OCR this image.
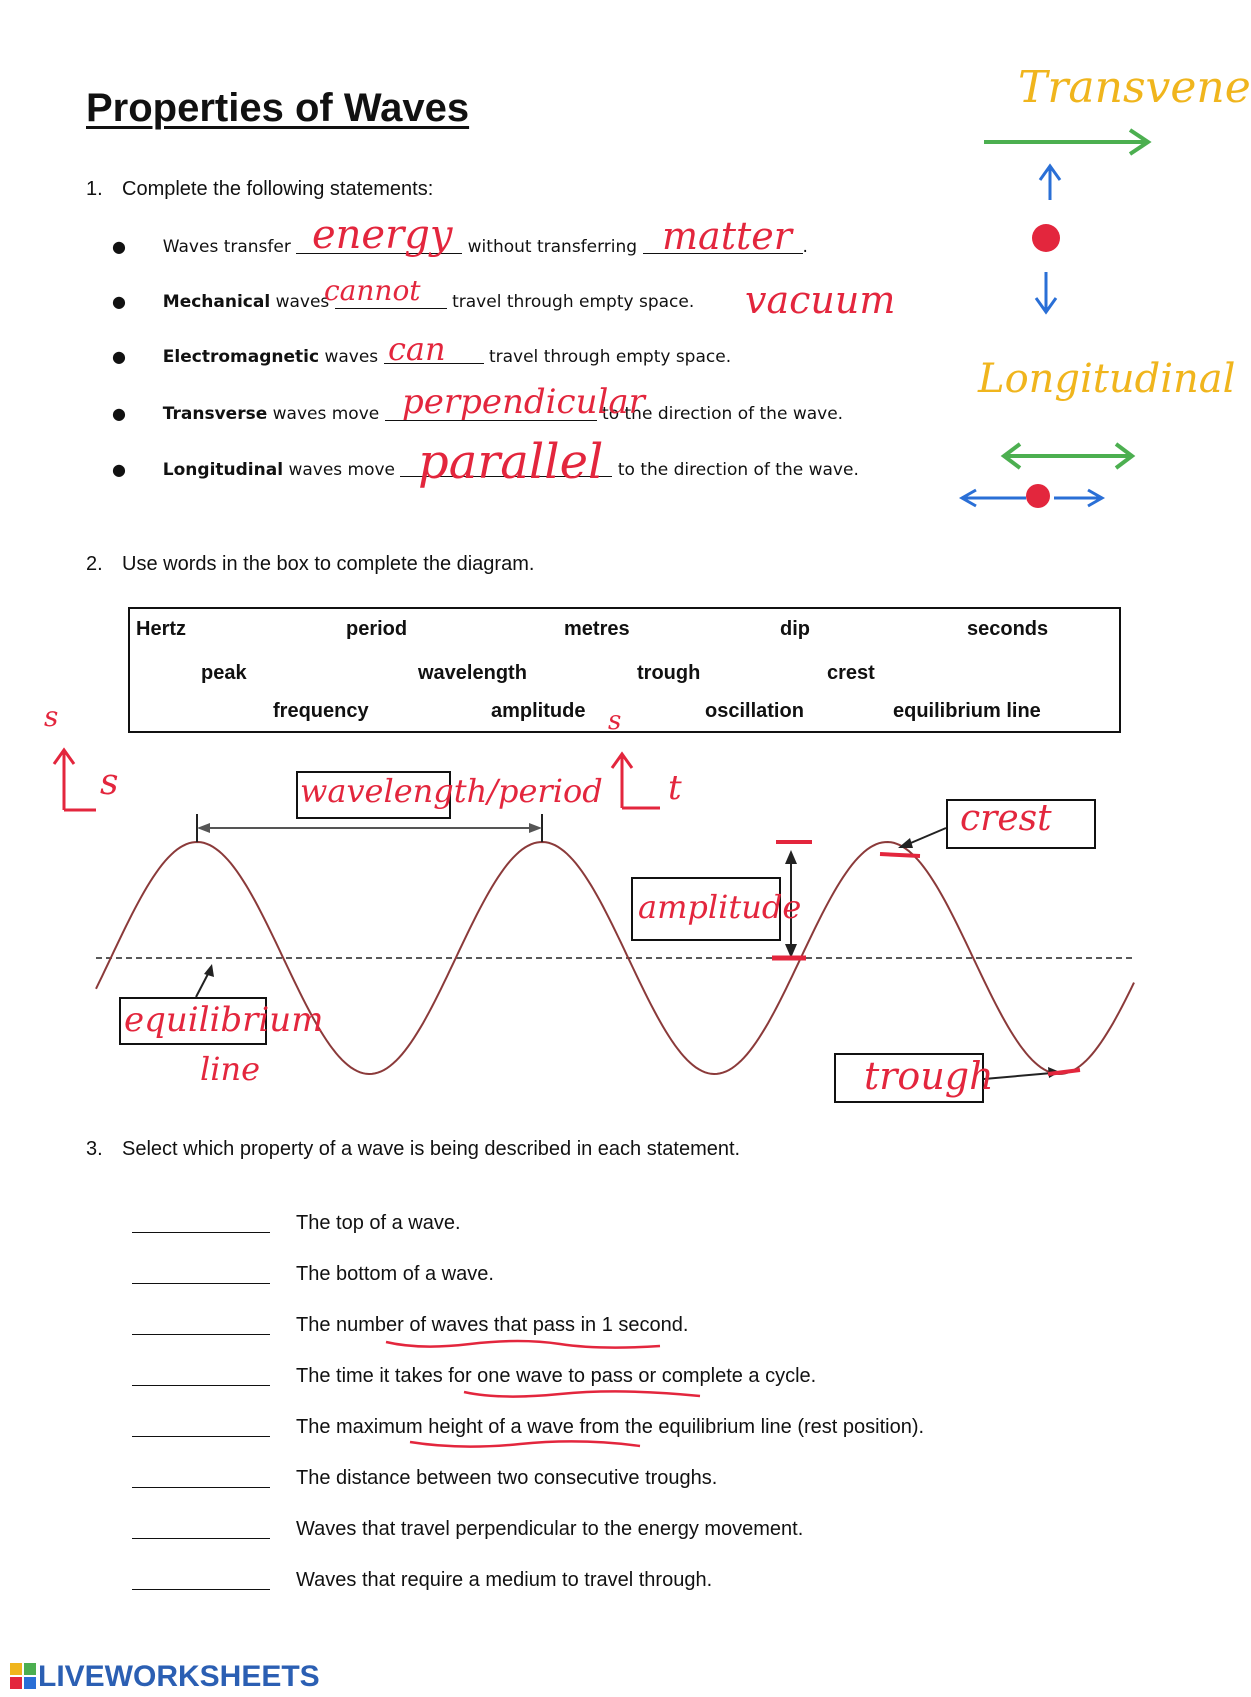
Properties of Waves
1. Complete the following statements:
● Waves transfer	without transferring	.
energy	matter
● Mechanical waves	travel through empty space.
cannot	vacuum
● Electromagnetic waves	travel through empty space.
can
● Transverse waves move	to the direction of the wave.
perpendicular
● Longitudinal waves move	to the direction of the wave.
parallel
Transvene
Longitudinal
2. Use words in the box to complete the diagram.
Hertz	period	metres	dip	seconds
peak	wavelength	trough	crest
frequency	amplitude	oscillation	equilibrium line
wavelength/period
amplitude
crest
equilibrium
line	trough
s
s
s
t
3. Select which property of a wave is being described in each statement.
The top of a wave.
The bottom of a wave.
The number of waves that pass in 1 second.
The time it takes for one wave to pass or complete a cycle.
The maximum height of a wave from the equilibrium line (rest position).
The distance between two consecutive troughs.
Waves that travel perpendicular to the energy movement.
Waves that require a medium to travel through.
LIVEWORKSHEETS
